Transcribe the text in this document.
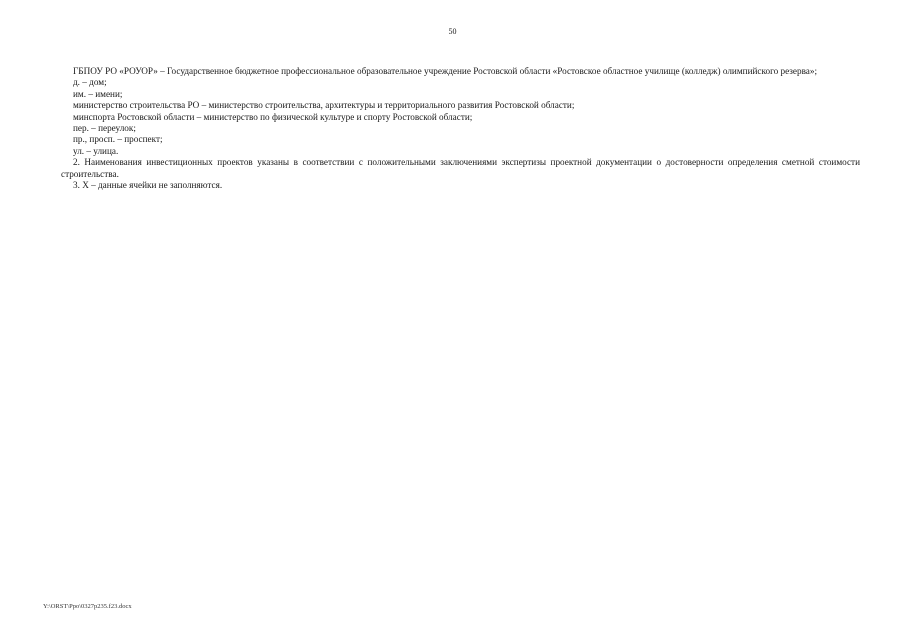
50

ГБПОУ РО «РОУОР» – Государственное бюджетное профессиональное образовательное учреждение Ростовской области «Ростовское областное училище (колледж) олимпийского резерва»;

д. – дом;

им. – имени;

министерство строительства РО – министерство строительства, архитектуры и территориального развития Ростовской области;

минспорта Ростовской области – министерство по физической культуре и спорту Ростовской области;

пер. – переулок;

пр., просп. – проспект;

ул. – улица.

2. Наименования инвестиционных проектов указаны в соответствии с положительными заключениями экспертизы проектной документации о достоверности определения сметной стоимости строительства.

3. Х – данные ячейки не заполняются.

Y:\ORST\Ppo\0327p235.f23.docx
